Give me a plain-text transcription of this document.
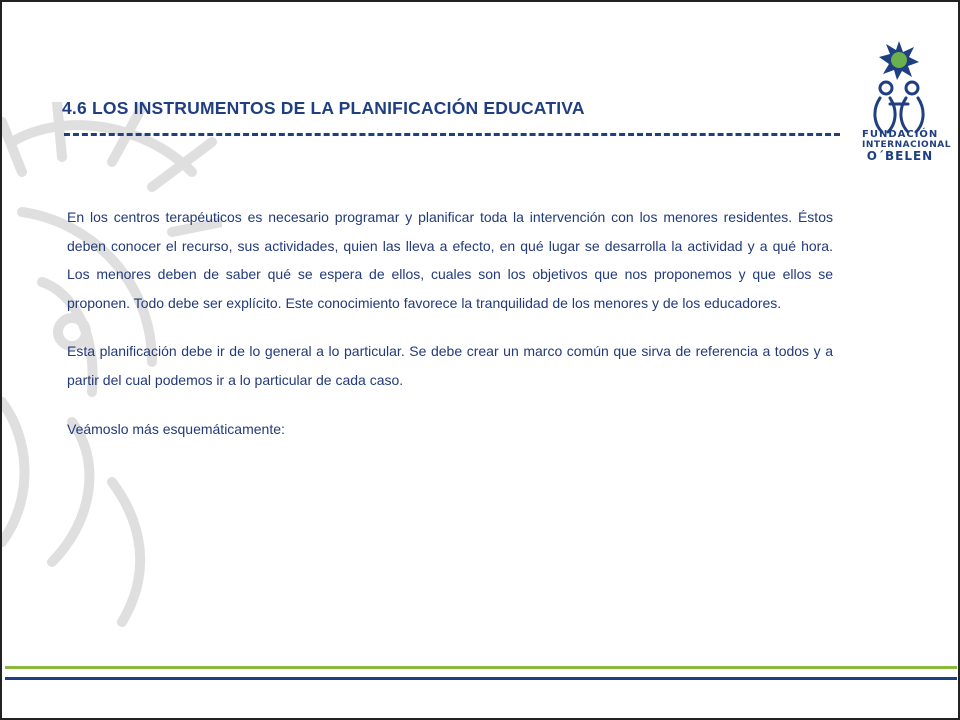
FUNDACIÓN
INTERNACIONAL
O´BELEN
4.6 LOS INSTRUMENTOS DE LA PLANIFICACIÓN EDUCATIVA

En los centros terapéuticos es necesario programar y planificar toda la intervención con los menores residentes. Éstos deben conocer el recurso, sus actividades, quien las lleva a efecto, en qué lugar se desarrolla la actividad y a qué hora. Los menores deben de saber qué se espera de ellos, cuales son los objetivos que nos proponemos y que ellos se proponen. Todo debe ser explícito. Este conocimiento favorece la tranquilidad de los menores y de los educadores.

Esta planificación debe ir de lo general a lo particular. Se debe crear un marco común que sirva de referencia a todos y a partir del cual podemos ir a lo particular de cada caso.

Veámoslo más esquemáticamente:
